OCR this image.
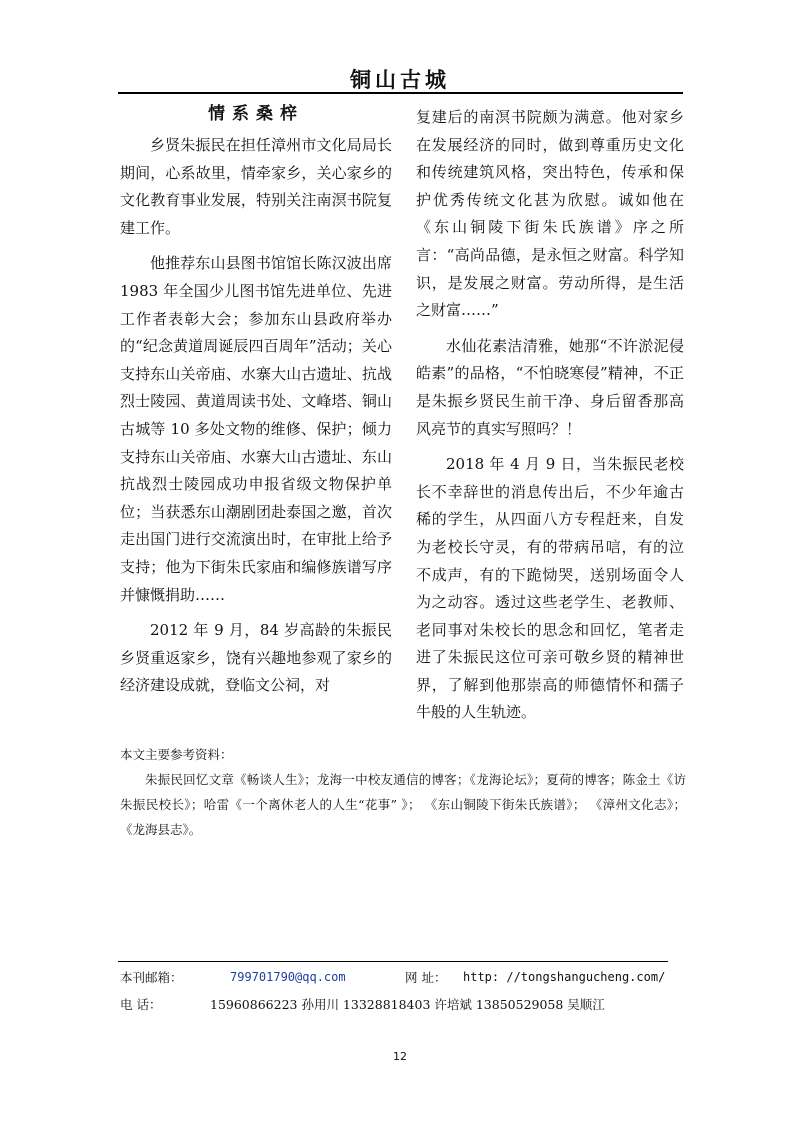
铜山古城
情系桑梓

乡贤朱振民在担任漳州市文化局局长期间，心系故里，情牵家乡，关心家乡的文化教育事业发展，特别关注南溟书院复建工作。

他推荐东山县图书馆馆长陈汉波出席 1983 年全国少儿图书馆先进单位、先进工作者表彰大会；参加东山县政府举办的“纪念黄道周诞辰四百周年”活动；关心支持东山关帝庙、水寨大山古遗址、抗战烈士陵园、黄道周读书处、文峰塔、铜山古城等 10 多处文物的维修、保护；倾力支持东山关帝庙、水寨大山古遗址、东山抗战烈士陵园成功申报省级文物保护单位；当获悉东山潮剧团赴泰国之邀，首次走出国门进行交流演出时，在审批上给予支持；他为下街朱氏家庙和编修族谱写序并慷慨捐助……

2012 年 9 月，84 岁高龄的朱振民乡贤重返家乡，饶有兴趣地参观了家乡的经济建设成就，登临文公祠，对

复建后的南溟书院颇为满意。他对家乡在发展经济的同时，做到尊重历史文化和传统建筑风格，突出特色，传承和保护优秀传统文化甚为欣慰。诚如他在《东山铜陵下街朱氏族谱》序之所言：“高尚品德，是永恒之财富。科学知识，是发展之财富。劳动所得，是生活之财富……”

水仙花素洁清雅，她那“不许淤泥侵皓素”的品格，“不怕晓寒侵”精神，不正是朱振乡贤民生前干净、身后留香那高风亮节的真实写照吗？！

2018 年 4 月 9 日，当朱振民老校长不幸辞世的消息传出后，不少年逾古稀的学生，从四面八方专程赶来，自发为老校长守灵，有的带病吊唁，有的泣不成声，有的下跪恸哭，送别场面令人为之动容。透过这些老学生、老教师、老同事对朱校长的思念和回忆，笔者走进了朱振民这位可亲可敬乡贤的精神世界，了解到他那崇高的师德情怀和孺子牛般的人生轨迹。

本文主要参考资料：

朱振民回忆文章《畅谈人生》；龙海一中校友通信的博客；《龙海论坛》；夏荷的博客；陈金土《访朱振民校长》；哈雷《一个离休老人的人生“花事” 》； 《东山铜陵下街朱氏族谱》； 《漳州文化志》； 《龙海县志》。

本刊邮箱：	799701790@qq.com	网 址： http: //tongshangucheng.com/
电 话：	15960866223 孙用川 13328818403 许培斌 13850529058 吴顺江
12
